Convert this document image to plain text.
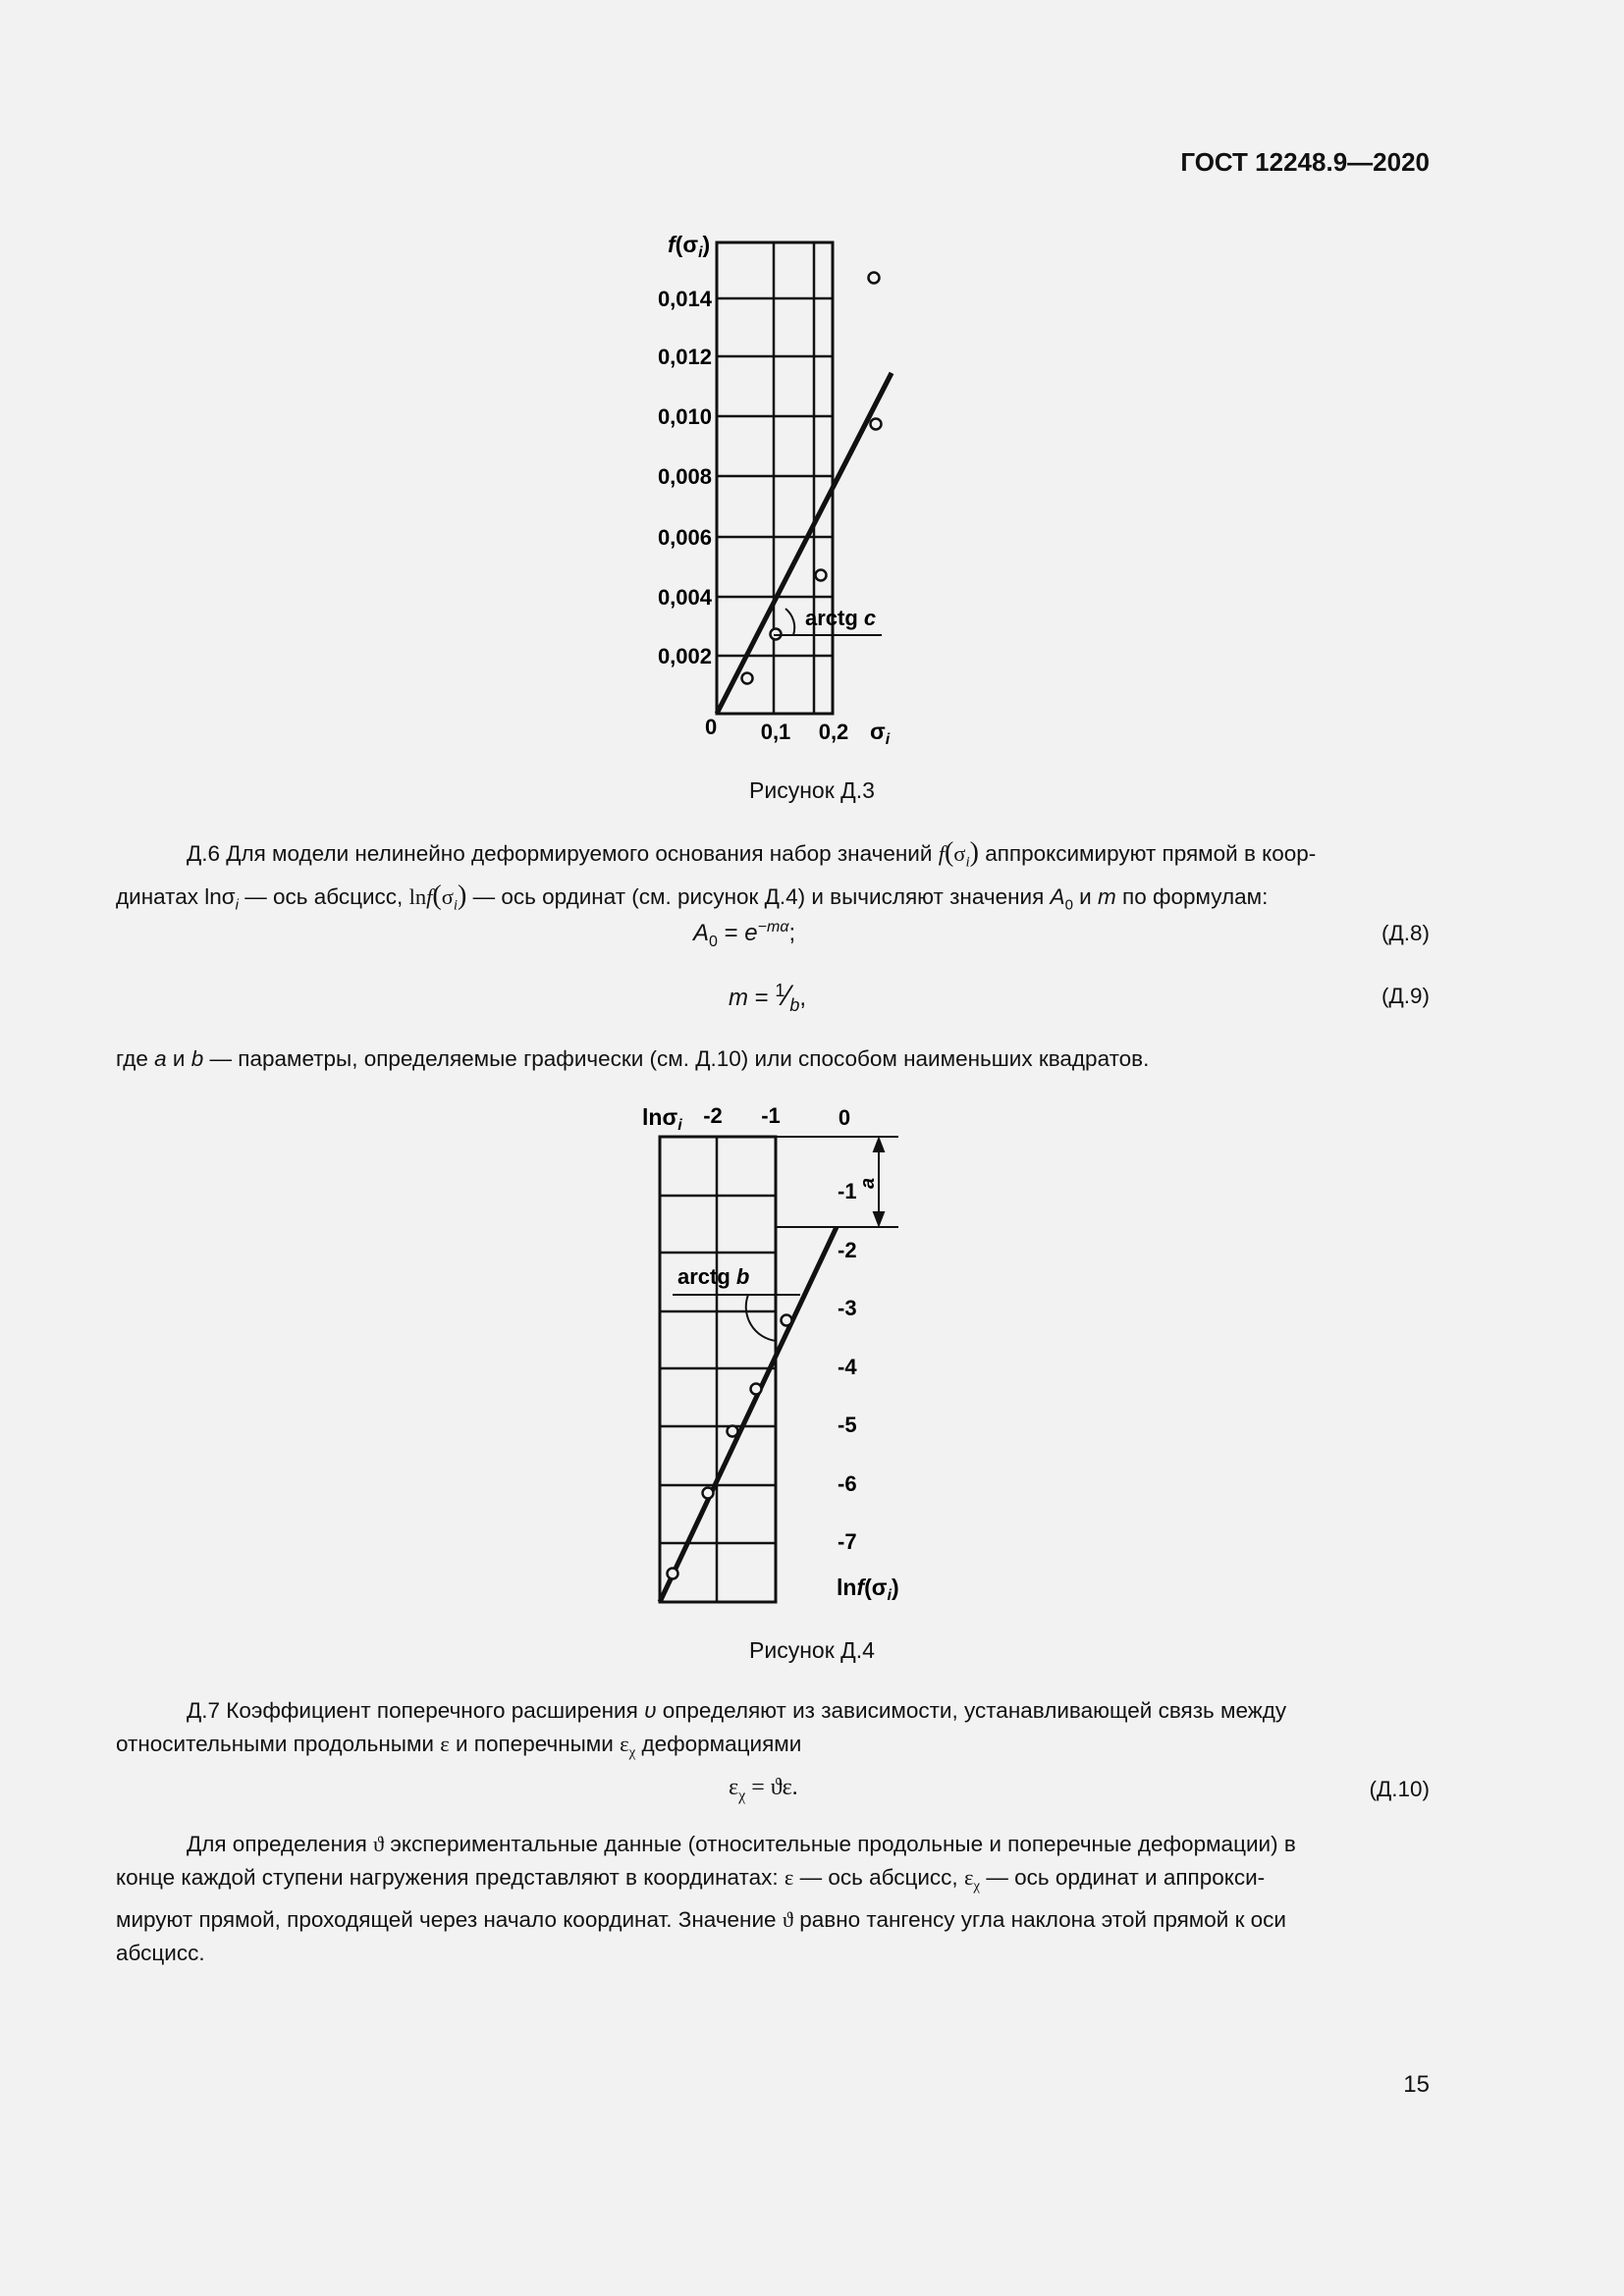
ГОСТ 12248.9—2020
arctg c
$f(\sigma_i)$
0,014
0,012
0,010
0,008
0,006
0,004
0,002
0 0,1 0,2 $\sigma_i$
Рисунок Д.3
Д.6 Для модели нелинейно деформируемого основания набор значений $f(\sigma_i)$ аппроксимируют прямой в коор-
динатах lnσ$_i$ — ось абсцисс, $\ln f(\sigma_i)$ — ось ординат (см. рисунок Д.4) и вычисляют значения $A_0$ и m по формулам:
$A_0 = e^{-m\alpha}$;	(Д.8)
$m = ^1⁄_b$,	(Д.9)
где a и b — параметры, определяемые графически (см. Д.10) или способом наименьших квадратов.
a
arctg b
lnσ$_i$ -2 -1	0
-1
-2
-3
-4
-5
-6
-7
$\ln f(\sigma_i)$
Рисунок Д.4
Д.7 Коэффициент поперечного расширения υ определяют из зависимости, устанавливающей связь между
относительными продольными ε и поперечными $\varepsilon_\chi$ деформациями
$\varepsilon_\chi = ϑ\varepsilon$.	(Д.10)
Для определения ϑ экспериментальные данные (относительные продольные и поперечные деформации) в
конце каждой ступени нагружения представляют в координатах: ε — ось абсцисс, $\varepsilon_\chi$ — ось ординат и аппрокси-
мируют прямой, проходящей через начало координат. Значение ϑ равно тангенсу угла наклона этой прямой к оси
абсцисс.
15
